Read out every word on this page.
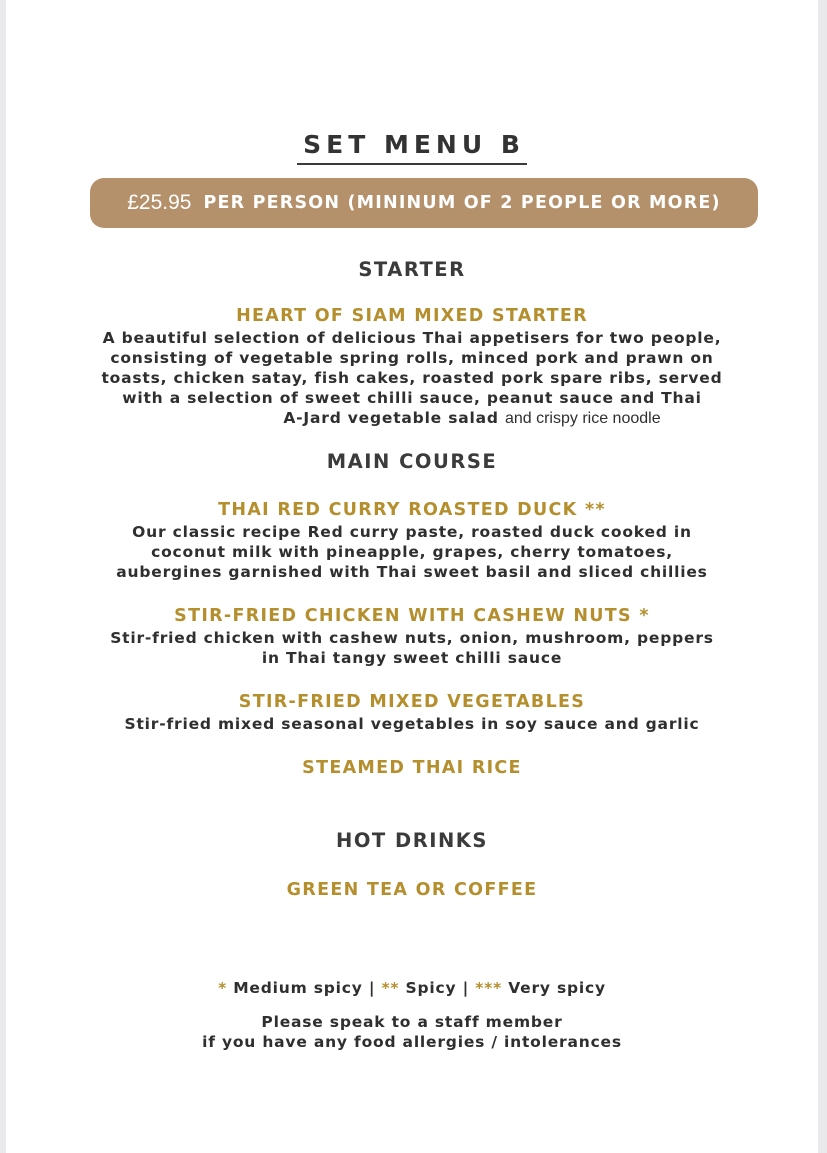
SET MENU B
£25.95 PER PERSON (MININUM OF 2 PEOPLE OR MORE)
STARTER
HEART OF SIAM MIXED STARTER
A beautiful selection of delicious Thai appetisers for two people,
consisting of vegetable spring rolls, minced pork and prawn on
toasts, chicken satay, fish cakes, roasted pork spare ribs, served
with a selection of sweet chilli sauce, peanut sauce and Thai
A-Jard vegetable salad and crispy rice noodle
MAIN COURSE
THAI RED CURRY ROASTED DUCK **
Our classic recipe Red curry paste, roasted duck cooked in
coconut milk with pineapple, grapes, cherry tomatoes,
aubergines garnished with Thai sweet basil and sliced chillies
STIR-FRIED CHICKEN WITH CASHEW NUTS *
Stir-fried chicken with cashew nuts, onion, mushroom, peppers
in Thai tangy sweet chilli sauce
STIR-FRIED MIXED VEGETABLES
Stir-fried mixed seasonal vegetables in soy sauce and garlic
STEAMED THAI RICE
HOT DRINKS
GREEN TEA OR COFFEE
* Medium spicy | ** Spicy | *** Very spicy
Please speak to a staff member
if you have any food allergies / intolerances
